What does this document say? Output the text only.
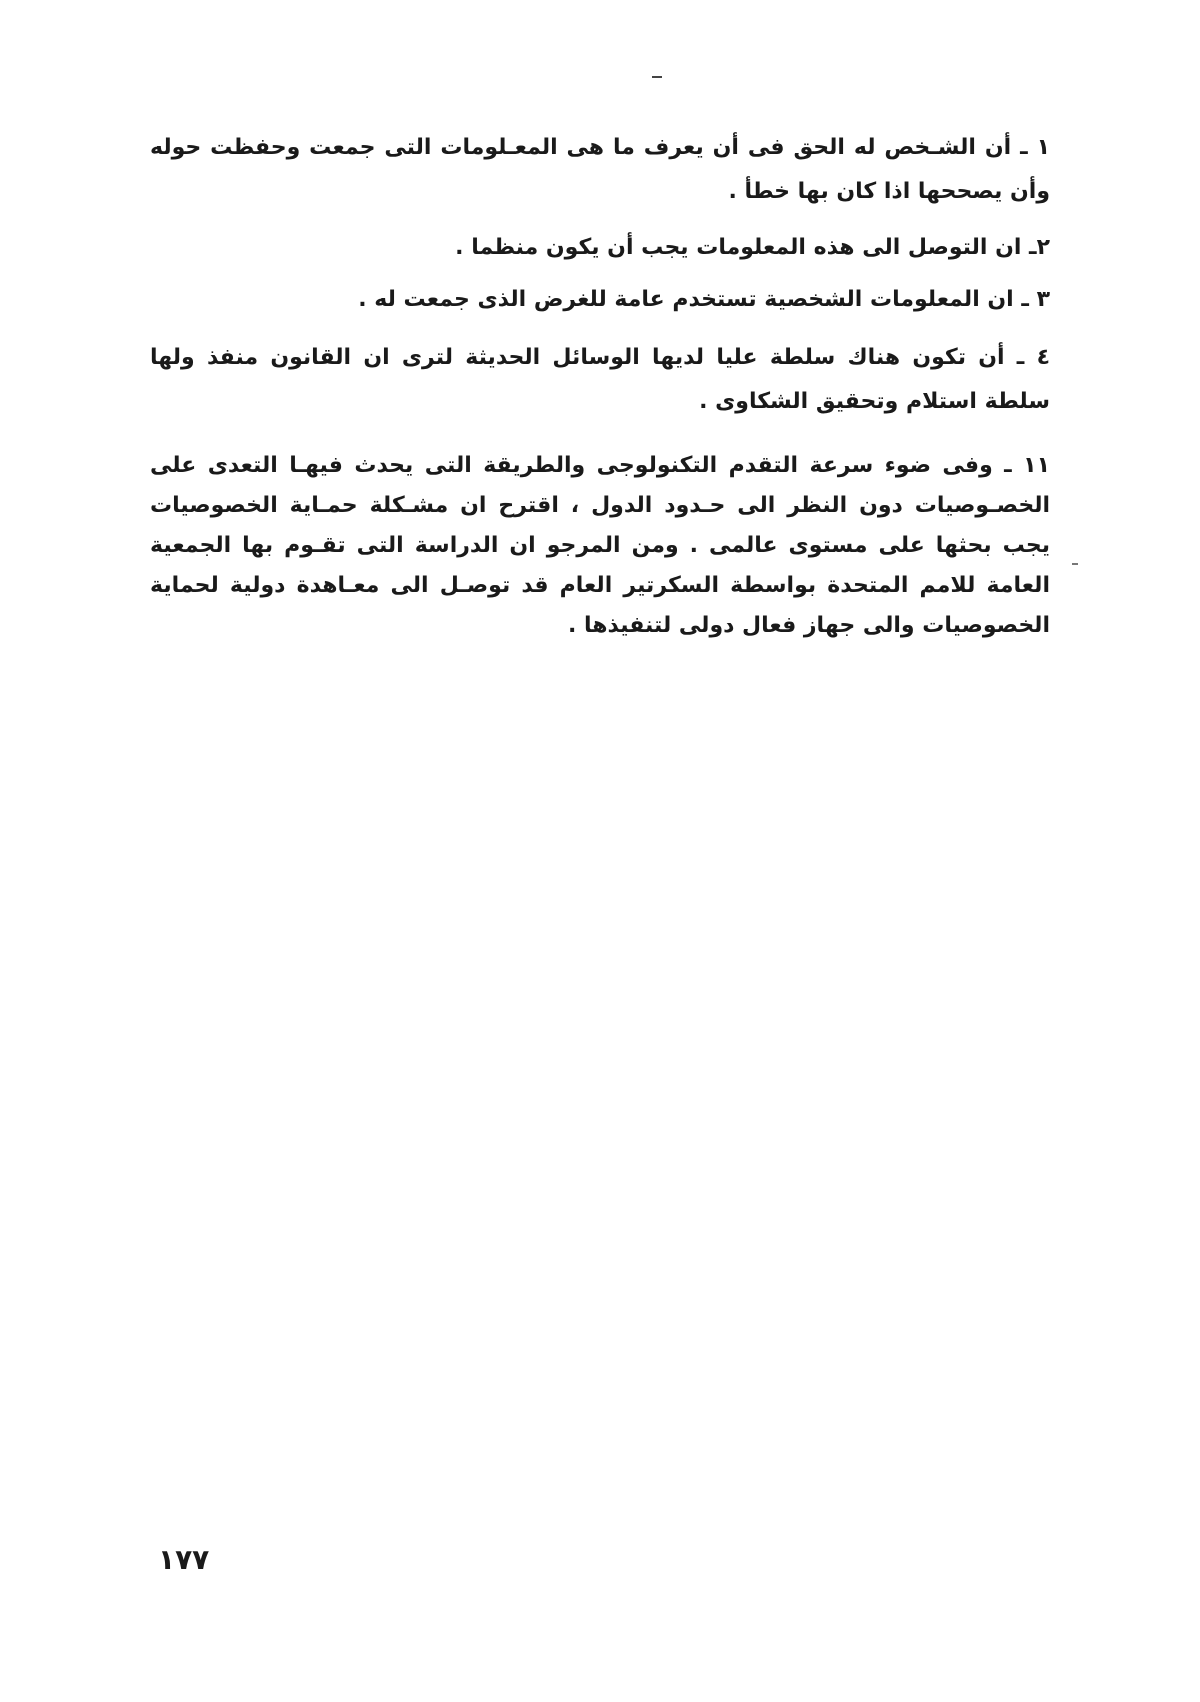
١ ـ أن الشـخص له الحق فى أن يعرف ما هى المعـلومات التى جمعت وحفظت حوله وأن يصححها اذا كان بها خطأ .

٢ـ ان التوصل الى هذه المعلومات يجب أن يكون منظما .

٣ ـ ان المعلومات الشخصية تستخدم عامة للغرض الذى جمعت له .

٤ ـ أن تكون هناك سلطة عليا لديها الوسائل الحديثة لترى ان القانون منفذ ولها سلطة استلام وتحقيق الشكاوى .

١١ ـ وفى ضوء سرعة التقدم التكنولوجى والطريقة التى يحدث فيهـا التعدى على الخصـوصيات دون النظر الى حـدود الدول ، اقترح ان مشـكلة حمـاية الخصوصيات يجب بحثها على مستوى عالمى . ومن المرجو ان الدراسة التى تقـوم بها الجمعية العامة للامم المتحدة بواسطة السكرتير العام قد توصـل الى معـاهدة دولية لحماية الخصوصيات والى جهاز فعال دولى لتنفيذها .

١٧٧
